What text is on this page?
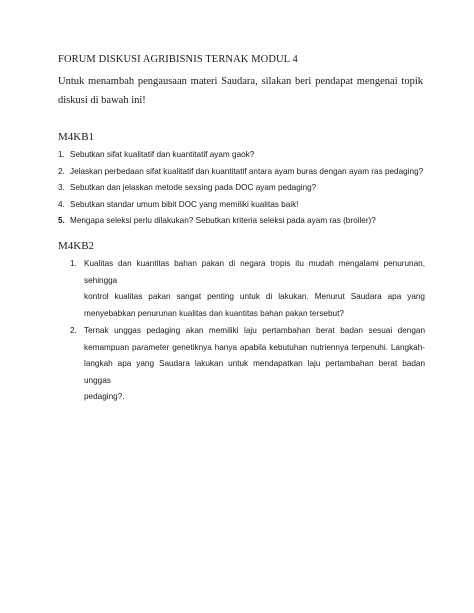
FORUM DISKUSI AGRIBISNIS TERNAK MODUL 4
Untuk menambah pengausaan materi Saudara, silakan beri pendapat mengenai topik diskusi di bawah ini!
M4KB1
1. Sebutkan sifat kualitatif dan kuantitatif ayam gaok?
2. Jelaskan perbedaan sifat kualitatif dan kuantitatif antara ayam buras dengan ayam ras pedaging?
3. Sebutkan dan jelaskan metode sexsing pada DOC ayam pedaging?
4. Sebutkan standar umum bibit DOC yang memiliki kualitas baik!
5. Mengapa seleksi perlu dilakukan? Sebutkan kriteria seleksi pada ayam ras (broiler)?
M4KB2
1. Kualitas dan kuantitas bahan pakan di negara tropis itu mudah mengalami penurunan, sehingga
kontrol kualitas pakan sangat penting untuk di lakukan. Menurut Saudara apa yang
menyebabkan penurunan kualitas dan kuantitas bahan pakan tersebut?
2. Ternak unggas pedaging akan memiliki laju pertambahan berat badan sesuai dengan
kemampuan parameter genetiknya hanya apabila kebutuhan nutriennya terpenuhi. Langkah-
langkah apa yang Saudara lakukan untuk mendapatkan laju pertambahan berat badan unggas
pedaging?.
